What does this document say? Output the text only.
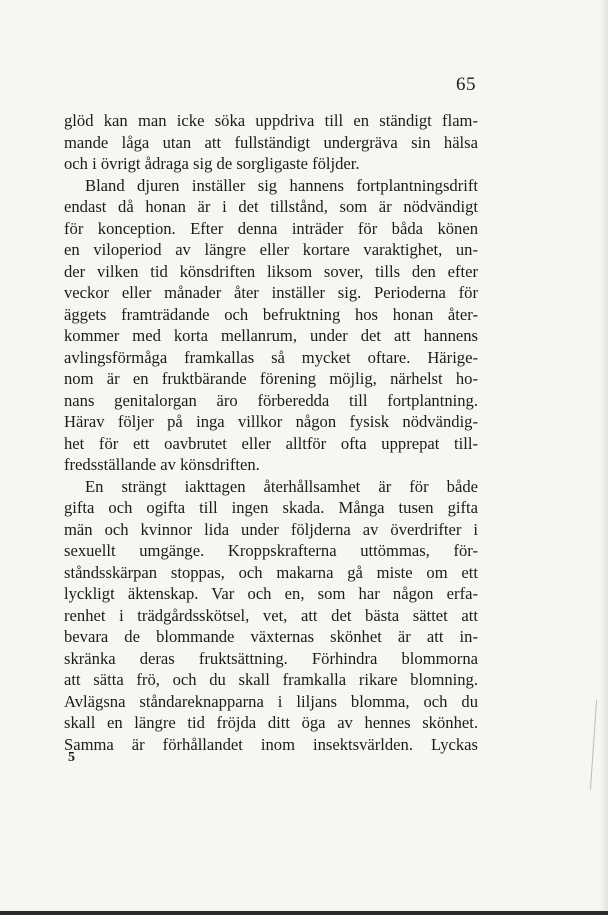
65
glöd kan man icke söka uppdriva till en ständigt flam-
mande låga utan att fullständigt undergräva sin hälsa
och i övrigt ådraga sig de sorgligaste följder.
Bland djuren inställer sig hannens fortplantningsdrift
endast då honan är i det tillstånd, som är nödvändigt
för konception. Efter denna inträder för båda könen
en viloperiod av längre eller kortare varaktighet, un-
der vilken tid könsdriften liksom sover, tills den efter
veckor eller månader åter inställer sig. Perioderna för
äggets framträdande och befruktning hos honan åter-
kommer med korta mellanrum, under det att hannens
avlingsförmåga framkallas så mycket oftare. Härige-
nom är en fruktbärande förening möjlig, närhelst ho-
nans genitalorgan äro förberedda till fortplantning.
Härav följer på inga villkor någon fysisk nödvändig-
het för ett oavbrutet eller alltför ofta upprepat till-
fredsställande av könsdriften.
En strängt iakttagen återhållsamhet är för både
gifta och ogifta till ingen skada. Många tusen gifta
män och kvinnor lida under följderna av överdrifter i
sexuellt umgänge. Kroppskrafterna uttömmas, för-
ståndsskärpan stoppas, och makarna gå miste om ett
lyckligt äktenskap. Var och en, som har någon erfa-
renhet i trädgårdsskötsel, vet, att det bästa sättet att
bevara de blommande växternas skönhet är att in-
skränka deras fruktsättning. Förhindra blommorna
att sätta frö, och du skall framkalla rikare blomning.
Avlägsna ståndareknapparna i liljans blomma, och du
skall en längre tid fröjda ditt öga av hennes skönhet.
Samma är förhållandet inom insektsvärlden. Lyckas
5
